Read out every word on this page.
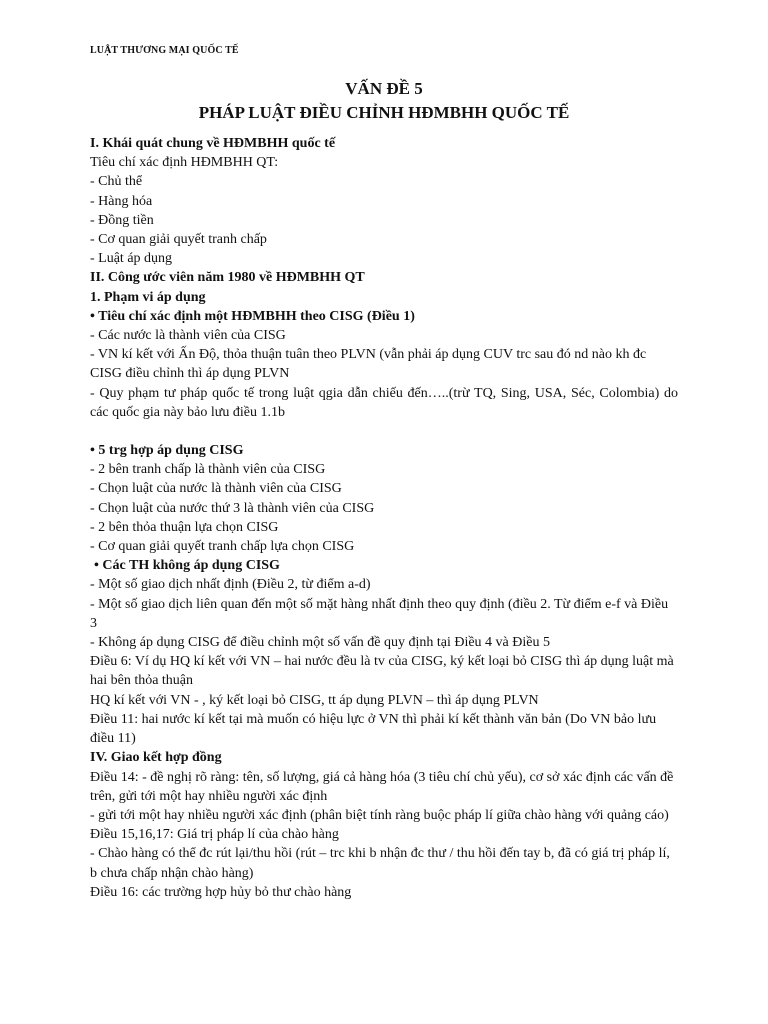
LUẬT THƯƠNG MẠI QUỐC TẾ
VẤN ĐỀ 5
PHÁP LUẬT ĐIỀU CHỈNH HĐMBHH QUỐC TẾ

I. Khái quát chung về HĐMBHH quốc tế

Tiêu chí xác định HĐMBHH QT:

- Chủ thể

- Hàng hóa

- Đồng tiền

- Cơ quan giải quyết tranh chấp

- Luật áp dụng

II. Công ước viên năm 1980 về HĐMBHH QT

1. Phạm vi áp dụng

• Tiêu chí xác định một HĐMBHH theo CISG (Điều 1)

- Các nước là thành viên của CISG

- VN kí kết với Ấn Độ, thỏa thuận tuân theo PLVN (vẫn phải áp dụng CUV trc sau đó nd nào kh đc CISG điều chỉnh thì áp dụng PLVN

- Quy phạm tư pháp quốc tế trong luật qgia dẫn chiếu đến…..(trừ TQ, Sing, USA, Séc, Colombia) do các quốc gia này bảo lưu điều 1.1b

• 5 trg hợp áp dụng CISG

- 2 bên tranh chấp là thành viên của CISG

- Chọn luật của nước là thành viên của CISG

- Chọn luật của nước thứ 3 là thành viên của CISG

- 2 bên thỏa thuận lựa chọn CISG

- Cơ quan giải quyết tranh chấp lựa chọn CISG

• Các TH không áp dụng CISG

- Một số giao dịch nhất định (Điều 2, từ điểm a-d)

- Một số giao dịch liên quan đến một số mặt hàng nhất định theo quy định (điều 2. Từ điểm e-f và Điều 3

- Không áp dụng CISG để điều chỉnh một số vấn đề quy định tại Điều 4 và Điều 5

Điều 6: Ví dụ HQ kí kết với VN – hai nước đều là tv của CISG, ký kết loại bỏ CISG thì áp dụng luật mà hai bên thỏa thuận

HQ kí kết với VN - , ký kết loại bỏ CISG, tt áp dụng PLVN – thì áp dụng PLVN

Điều 11: hai nước kí kết tại mà muốn có hiệu lực ở VN thì phải kí kết thành văn bản (Do VN bảo lưu điều 11)

IV. Giao kết hợp đồng

Điều 14: - đề nghị rõ ràng: tên, số lượng, giá cả hàng hóa (3 tiêu chí chủ yếu), cơ sở xác định các vấn đề trên, gửi tới một hay nhiều người xác định

- gửi tới một hay nhiều người xác định (phân biệt tính ràng buộc pháp lí giữa chào hàng với quảng cáo)

Điều 15,16,17: Giá trị pháp lí của chào hàng

- Chào hàng có thể đc rút lại/thu hồi (rút – trc khi b nhận đc thư / thu hồi đến tay b, đã có giá trị pháp lí, b chưa chấp nhận chào hàng)

Điều 16: các trường hợp hủy bỏ thư chào hàng
